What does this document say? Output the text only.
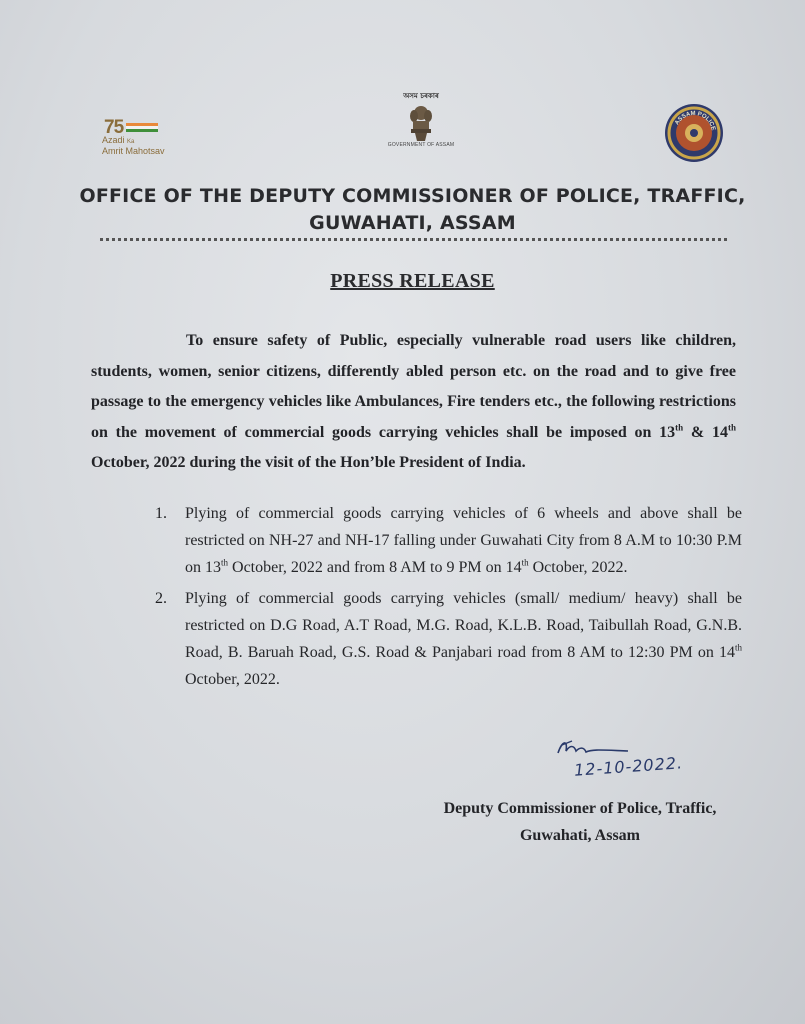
75
Azadi Ka
Amrit Mahotsav
অসম চৰকাৰ
GOVERNMENT OF ASSAM
ASSAM POLICE
OFFICE OF THE DEPUTY COMMISSIONER OF POLICE, TRAFFIC,
GUWAHATI, ASSAM
PRESS RELEASE
To ensure safety of Public, especially vulnerable road users like children, students, women, senior citizens, differently abled person etc. on the road and to give free passage to the emergency vehicles like Ambulances, Fire tenders etc., the following restrictions on the movement of commercial goods carrying vehicles shall be imposed on 13th & 14th October, 2022 during the visit of the Hon’ble President of India.
1.	Plying of commercial goods carrying vehicles of 6 wheels and above shall be restricted on NH-27 and NH-17 falling under Guwahati City from 8 A.M to 10:30 P.M on 13th October, 2022 and from 8 AM to 9 PM on 14th October, 2022.
2.	Plying of commercial goods carrying vehicles (small/ medium/ heavy) shall be restricted on D.G Road, A.T Road, M.G. Road, K.L.B. Road, Taibullah Road, G.N.B. Road, B. Baruah Road, G.S. Road & Panjabari road from 8 AM to 12:30 PM on 14th October, 2022.
12-10-2022.
Deputy Commissioner of Police, Traffic,
Guwahati, Assam
